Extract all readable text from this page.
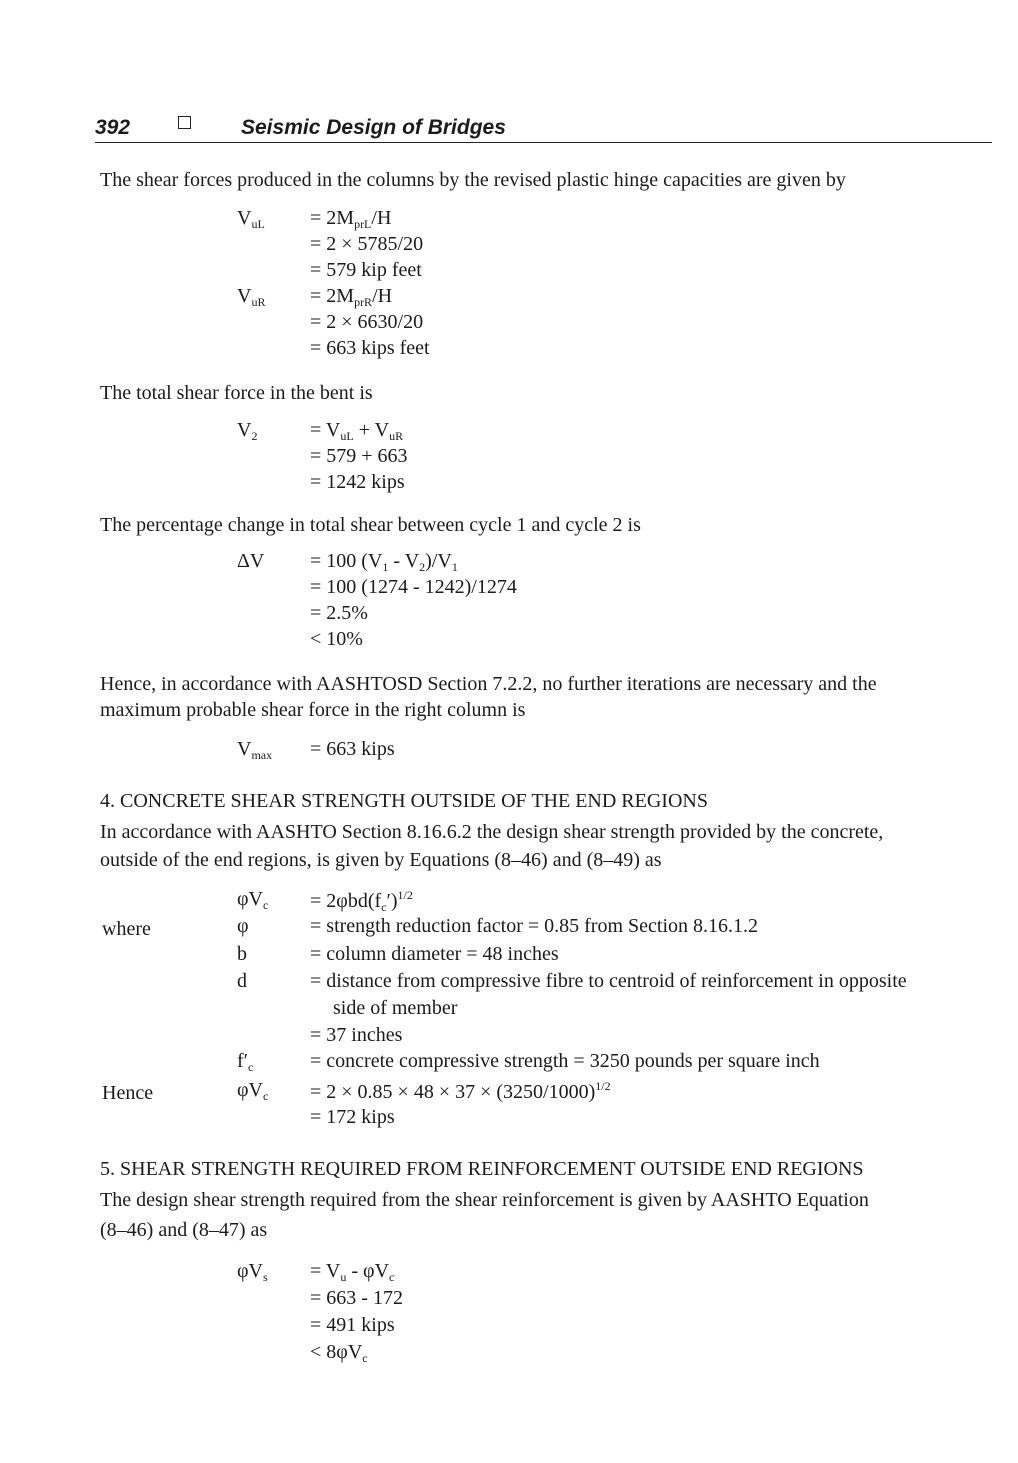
392	Seismic Design of Bridges
The shear forces produced in the columns by the revised plastic hinge capacities are given by
$V_{uL} = 2M_{prL}/H$
= 2 × 5785/20
= 579 kip feet
$V_{uR} = 2M_{prR}/H$
= 2 × 6630/20
= 663 kips feet
The total shear force in the bent is
$V_2$	= $V_{uL} + V_{uR}$
= 579 + 663
= 1242 kips
The percentage change in total shear between cycle 1 and cycle 2 is
ΔV = 100 $(V_1 - V_2)/V_1$
= 100 (1274 - 1242)/1274
= 2.5%
< 10%
Hence, in accordance with AASHTOSD Section 7.2.2, no further iterations are necessary and the
maximum probable shear force in the right column is
$V_{max} = 663$ kips
4. CONCRETE SHEAR STRENGTH OUTSIDE OF THE END REGIONS
In accordance with AASHTO Section 8.16.6.2 the design shear strength provided by the concrete,
outside of the end regions, is given by Equations (8–46) and (8–49) as
$\varphi V_c = 2\varphi bd(f_c')^{1/2}$
where	φ	= strength reduction factor = 0.85 from Section 8.16.1.2
b	= column diameter = 48 inches
d	= distance from compressive fibre to centroid of reinforcement in opposite
side of member
= 37 inches
$f'_c$	= concrete compressive strength = 3250 pounds per square inch
Hence	$\varphi V_c = 2 \times 0.85 \times 48 \times 37 \times (3250/1000)^{1/2}$
= 172 kips
5. SHEAR STRENGTH REQUIRED FROM REINFORCEMENT OUTSIDE END REGIONS
The design shear strength required from the shear reinforcement is given by AASHTO Equation
(8–46) and (8–47) as
$\varphi V_s = V_u - \varphi V_c$
= 663 - 172
= 491 kips
< $8\varphi V_c$
